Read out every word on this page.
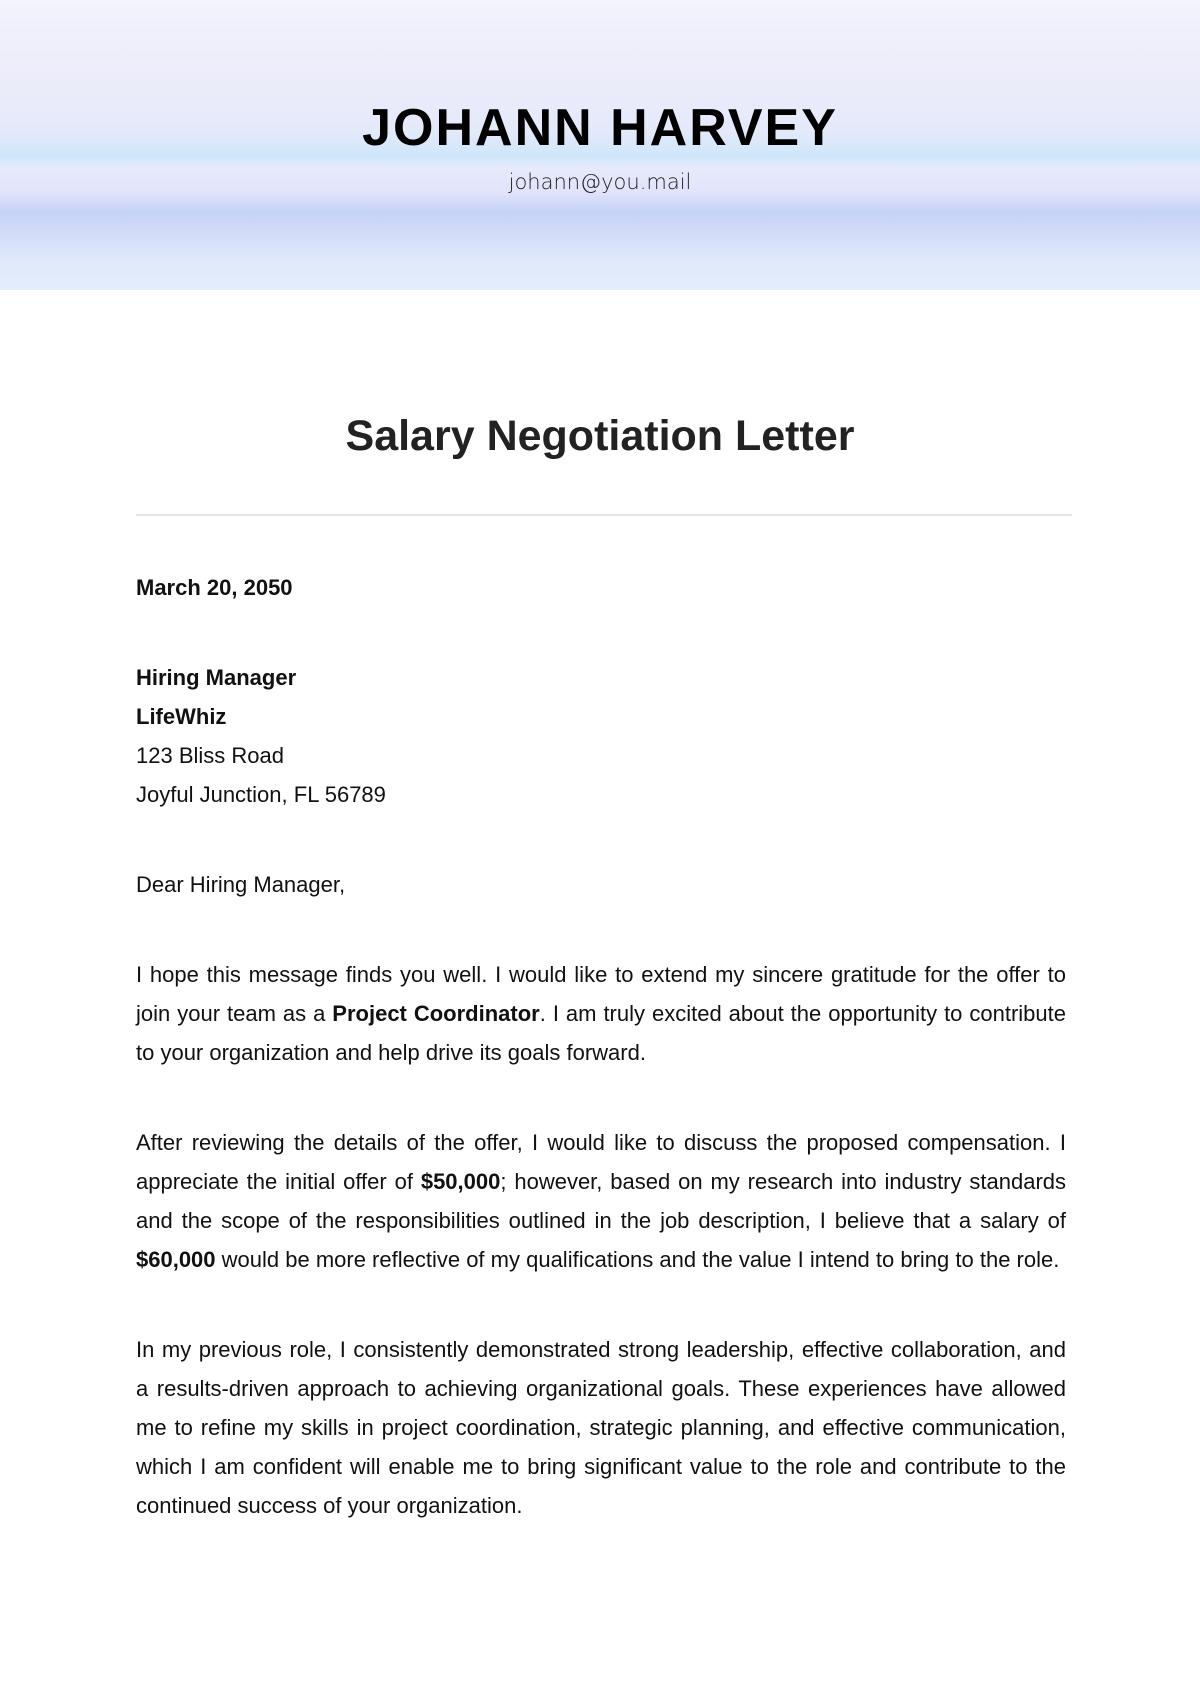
JOHANN HARVEY
johann@you.mail
Salary Negotiation Letter

March 20, 2050

Hiring Manager

LifeWhiz

123 Bliss Road

Joyful Junction, FL 56789

Dear Hiring Manager,

I hope this message finds you well. I would like to extend my sincere gratitude for the offer to join your team as a Project Coordinator. I am truly excited about the opportunity to contribute to your organization and help drive its goals forward.

After reviewing the details of the offer, I would like to discuss the proposed compensation. I appreciate the initial offer of $50,000; however, based on my research into industry standards and the scope of the responsibilities outlined in the job description, I believe that a salary of $60,000 would be more reflective of my qualifications and the value I intend to bring to the role.

In my previous role, I consistently demonstrated strong leadership, effective collaboration, and a results-driven approach to achieving organizational goals. These experiences have allowed me to refine my skills in project coordination, strategic planning, and effective communication, which I am confident will enable me to bring significant value to the role and contribute to the continued success of your organization.
